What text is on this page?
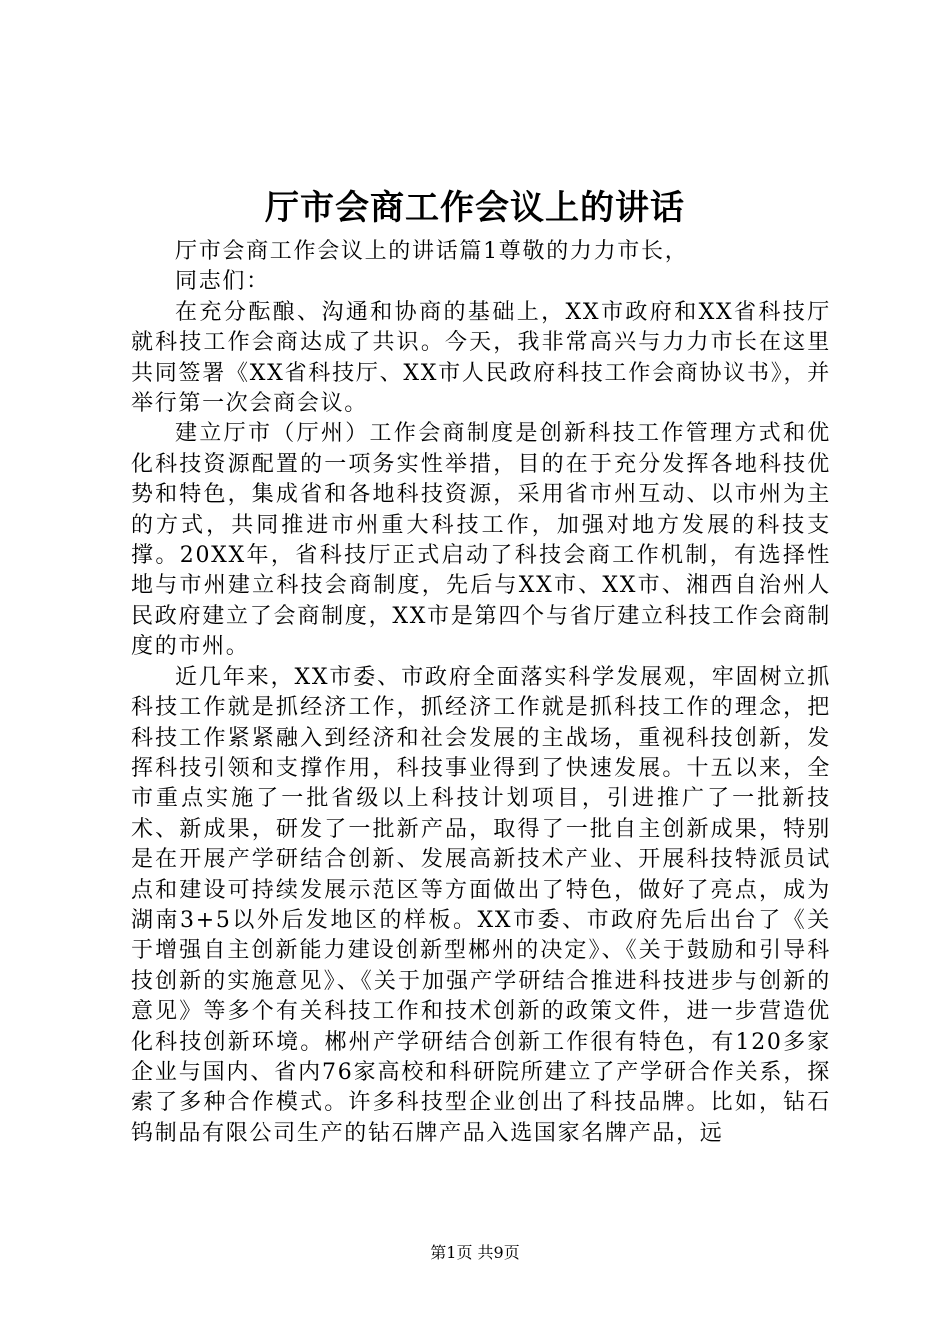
厅市会商工作会议上的讲话

厅市会商工作会议上的讲话篇1尊敬的力力市长，

同志们：

在充分酝酿、沟通和协商的基础上，XX市政府和XX省科技厅就科技工作会商达成了共识。今天，我非常高兴与力力市长在这里共同签署《XX省科技厅、XX市人民政府科技工作会商协议书》，并举行第一次会商会议。

建立厅市（厅州）工作会商制度是创新科技工作管理方式和优化科技资源配置的一项务实性举措，目的在于充分发挥各地科技优势和特色，集成省和各地科技资源，采用省市州互动、以市州为主的方式，共同推进市州重大科技工作，加强对地方发展的科技支撑。20XX年，省科技厅正式启动了科技会商工作机制，有选择性地与市州建立科技会商制度，先后与XX市、XX市、湘西自治州人民政府建立了会商制度，XX市是第四个与省厅建立科技工作会商制度的市州。

近几年来，XX市委、市政府全面落实科学发展观，牢固树立抓科技工作就是抓经济工作，抓经济工作就是抓科技工作的理念，把科技工作紧紧融入到经济和社会发展的主战场，重视科技创新，发挥科技引领和支撑作用，科技事业得到了快速发展。十五以来，全市重点实施了一批省级以上科技计划项目，引进推广了一批新技术、新成果，研发了一批新产品，取得了一批自主创新成果，特别是在开展产学研结合创新、发展高新技术产业、开展科技特派员试点和建设可持续发展示范区等方面做出了特色，做好了亮点，成为湖南3+5以外后发地区的样板。XX市委、市政府先后出台了《关于增强自主创新能力建设创新型郴州的决定》、《关于鼓励和引导科技创新的实施意见》、《关于加强产学研结合推进科技进步与创新的意见》等多个有关科技工作和技术创新的政策文件，进一步营造优化科技创新环境。郴州产学研结合创新工作很有特色，有120多家企业与国内、省内76家高校和科研院所建立了产学研合作关系，探索了多种合作模式。许多科技型企业创出了科技品牌。比如，钻石钨制品有限公司生产的钻石牌产品入选国家名牌产品，远

第1页 共9页
